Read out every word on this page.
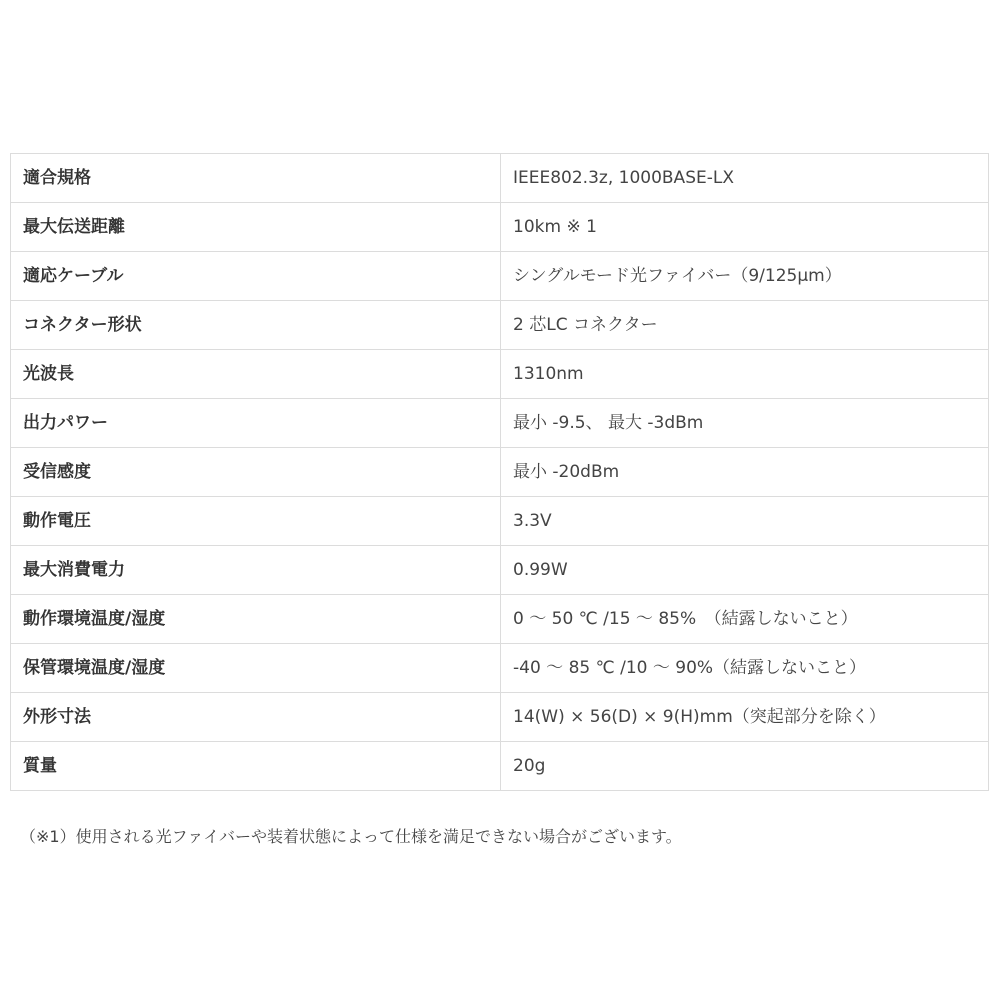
適合規格	IEEE802.3z, 1000BASE-LX
最大伝送距離	10km ※ 1
適応ケーブル	シングルモード光ファイバー（9/125μm）
コネクター形状	2 芯LC コネクター
光波長	1310nm
出力パワー	最小 -9.5、 最大 -3dBm
受信感度	最小 -20dBm
動作電圧	3.3V
最大消費電力	0.99W
動作環境温度/湿度	0 ～ 50 ℃ /15 ～ 85%　（結露しないこと）
保管環境温度/湿度	-40 ～ 85 ℃ /10 ～ 90%（結露しないこと）
外形寸法	14(W) × 56(D) × 9(H)mm（突起部分を除く）
質量	20g
（※1）使用される光ファイバーや装着状態によって仕様を満足できない場合がございます。
